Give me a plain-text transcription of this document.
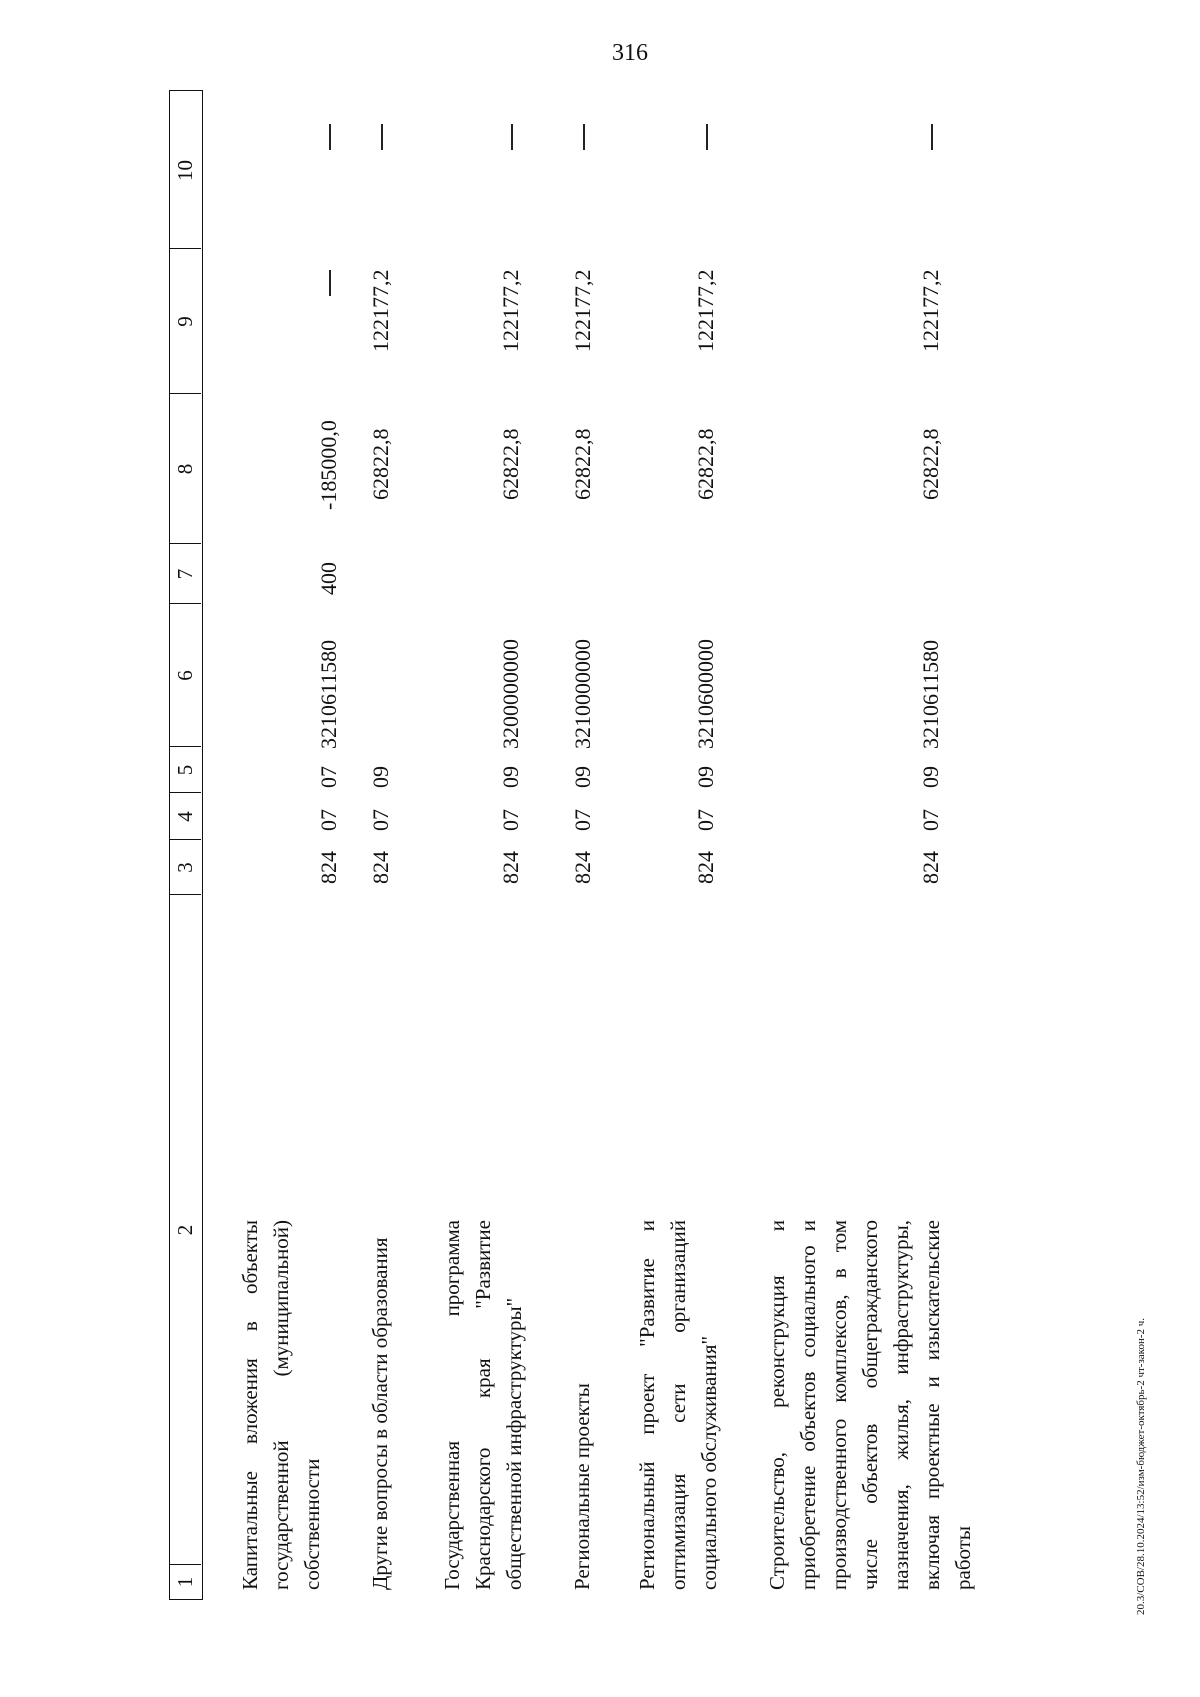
316
1
2
3
4
5
6
7
8
9
10
Капитальные вложения в объекты государственной (муниципальной) собственности
824
07
07
3210611580
400
-185000,0
Другие вопросы в области образования
824
07
09
62822,8
122177,2
Государственная программа Краснодарского края "Развитие общественной инфраструктуры"
824
07
09
3200000000
62822,8
122177,2
Региональные проекты
824
07
09
3210000000
62822,8
122177,2
Региональный проект "Развитие и оптимизация сети организаций социального обслуживания"
824
07
09
3210600000
62822,8
122177,2
Строительство, реконструкция и приобретение объектов социального и производственного комплексов, в том числе объектов общегражданского назначения, жилья, инфраструктуры, включая проектные и изыскательские работы
824
07
09
3210611580
62822,8
122177,2
20.3/СОВ/28.10.2024/13:52/изм-бюджет-октябрь-2 чт-закон-2 ч.
